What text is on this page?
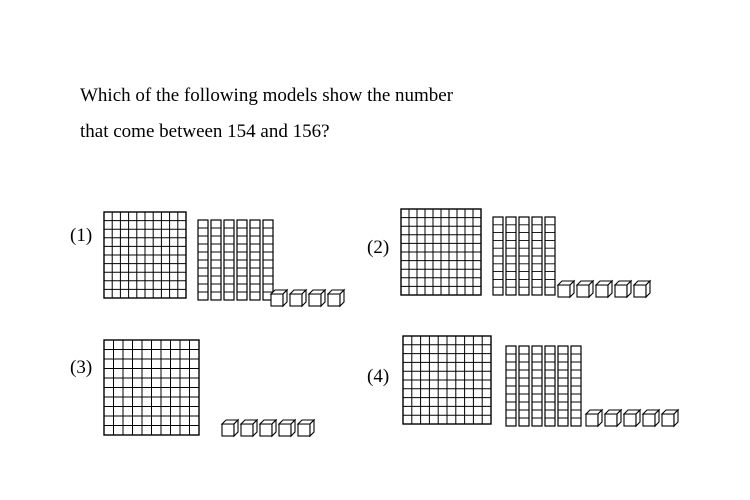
Which of the following models show the number
that come between 154 and 156?
(1)
(2)
(3)	(4)
